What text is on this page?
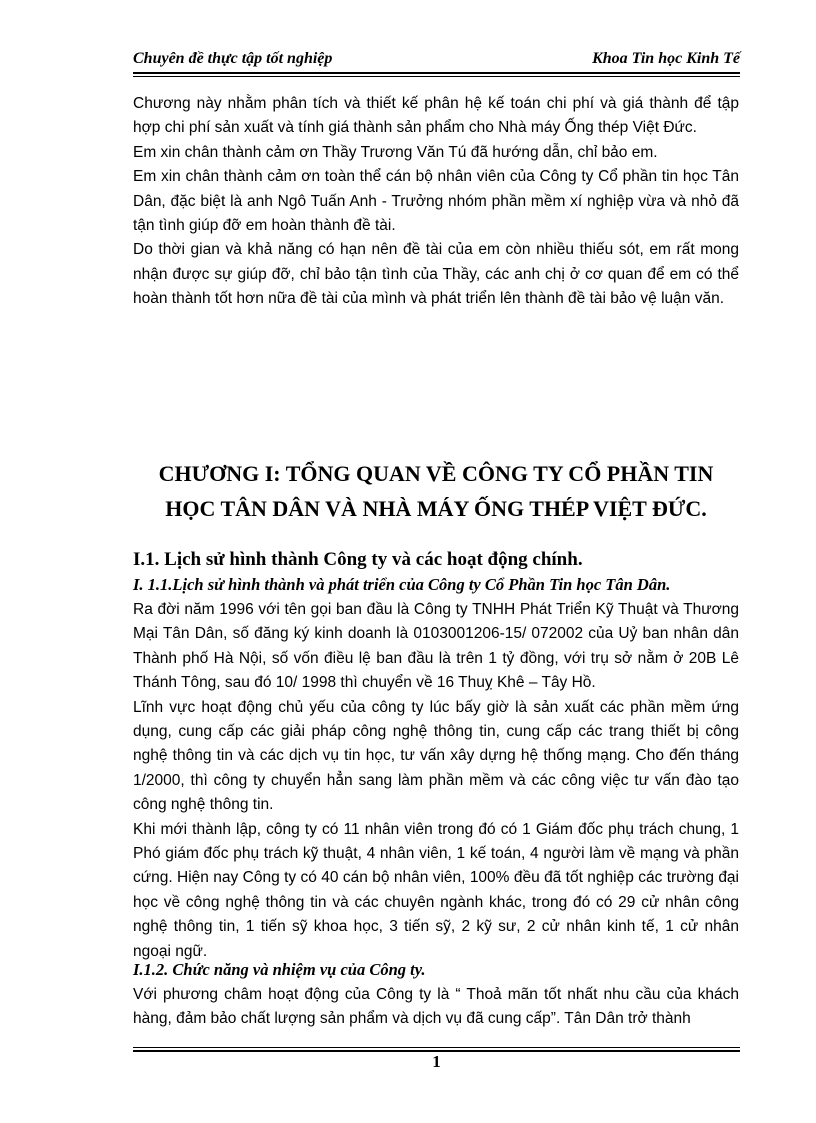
Chuyên đề thực tập tốt nghiệp	Khoa Tin học Kinh Tế

Chương này nhằm phân tích và thiết kế phân hệ kế toán chi phí và giá thành để tập hợp chi phí sản xuất và tính giá thành sản phẩm cho Nhà máy Ống thép Việt Đức.

Em xin chân thành cảm ơn Thầy Trương Văn Tú đã hướng dẫn, chỉ bảo em.

Em xin chân thành cảm ơn toàn thể cán bộ nhân viên của Công ty Cổ phần tin học Tân Dân, đặc biệt là anh Ngô Tuấn Anh - Trưởng nhóm phần mềm xí nghiệp vừa và nhỏ đã tận tình giúp đỡ em hoàn thành đề tài.

Do thời gian và khả năng có hạn nên đề tài của em còn nhiều thiếu sót, em rất mong nhận được sự giúp đỡ, chỉ bảo tận tình của Thầy, các anh chị ở cơ quan để em có thể hoàn thành tốt hơn nữa đề tài của mình và phát triển lên thành đề tài bảo vệ luận văn.

CHƯƠNG I: TỔNG QUAN VỀ CÔNG TY CỔ PHẦN TIN
HỌC TÂN DÂN VÀ NHÀ MÁY ỐNG THÉP VIỆT ĐỨC.
I.1. Lịch sử hình thành Công ty và các hoạt động chính.
I. 1.1.Lịch sử hình thành và phát triển của Công ty Cổ Phần Tin học Tân Dân.

Ra đời năm 1996 với tên gọi ban đầu là Công ty TNHH Phát Triển Kỹ Thuật và Thương Mại Tân Dân, số đăng ký kinh doanh là 0103001206-15/ 072002 của Uỷ ban nhân dân Thành phố Hà Nội, số vốn điều lệ ban đầu là trên 1 tỷ đồng, với trụ sở nằm ở 20B Lê Thánh Tông, sau đó 10/ 1998 thì chuyển về 16 Thuỵ Khê – Tây Hồ.

Lĩnh vực hoạt động chủ yếu của công ty lúc bấy giờ là sản xuất các phần mềm ứng dụng, cung cấp các giải pháp công nghệ thông tin, cung cấp các trang thiết bị công nghệ thông tin và các dịch vụ tin học, tư vấn xây dựng hệ thống mạng. Cho đến tháng 1/2000, thì công ty chuyển hẳn sang làm phần mềm và các công việc tư vấn đào tạo công nghệ thông tin.

Khi mới thành lập, công ty có 11 nhân viên trong đó có 1 Giám đốc phụ trách chung, 1 Phó giám đốc phụ trách kỹ thuật, 4 nhân viên, 1 kế toán, 4 người làm về mạng và phần cứng. Hiện nay Công ty có 40 cán bộ nhân viên, 100% đều đã tốt nghiệp các trường đại học về công nghệ thông tin và các chuyên ngành khác, trong đó có 29 cử nhân công nghệ thông tin, 1 tiến sỹ khoa học, 3 tiến sỹ, 2 kỹ sư, 2 cử nhân kinh tế, 1 cử nhân ngoại ngữ.

I.1.2. Chức năng và nhiệm vụ của Công ty.

Với phương châm hoạt động của Công ty là “ Thoả mãn tốt nhất nhu cầu của khách hàng, đảm bảo chất lượng sản phẩm và dịch vụ đã cung cấp”. Tân Dân trở thành

1
